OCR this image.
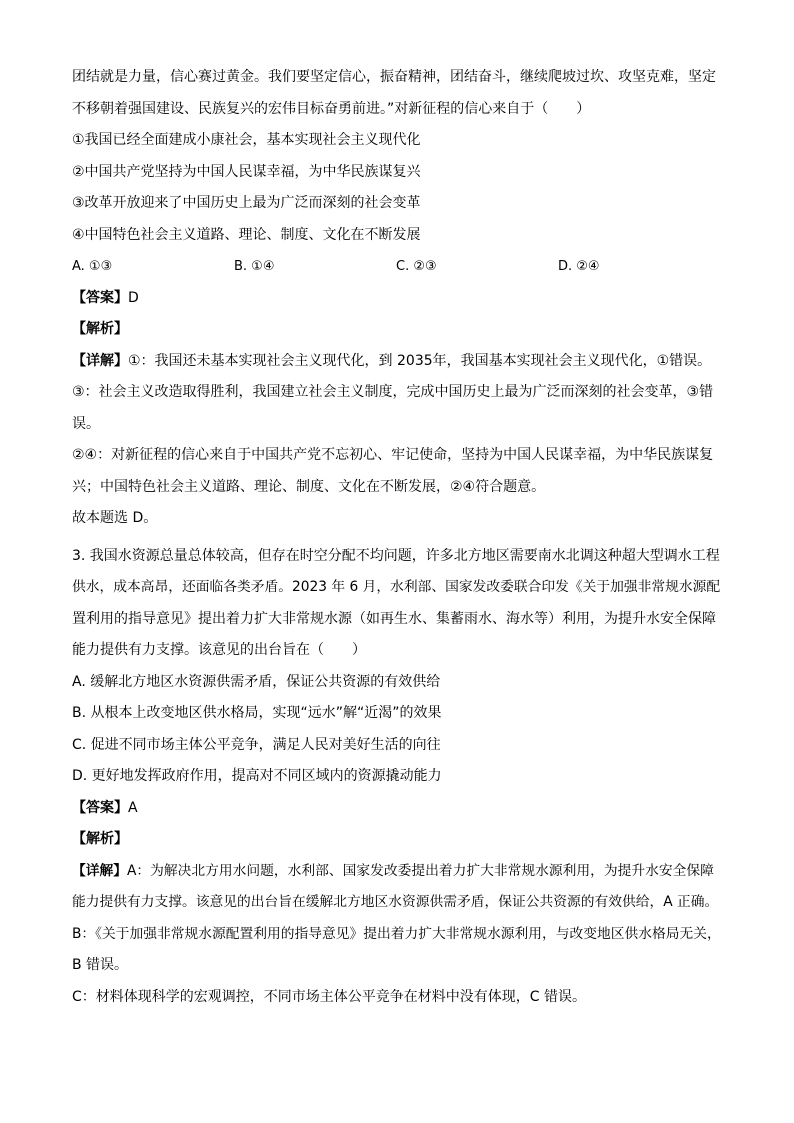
团结就是力量，信心赛过黄金。我们要坚定信心，振奋精神，团结奋斗，继续爬坡过坎、攻坚克难，坚定

不移朝着强国建设、民族复兴的宏伟目标奋勇前进。”对新征程的信心来自于（　　）

①我国已经全面建成小康社会，基本实现社会主义现代化

②中国共产党坚持为中国人民谋幸福，为中华民族谋复兴

③改革开放迎来了中国历史上最为广泛而深刻的社会变革

④中国特色社会主义道路、理论、制度、文化在不断发展

A. ①③	B. ①④	C. ②③	D. ②④

【答案】D

【解析】

【详解】①：我国还未基本实现社会主义现代化，到 2035年，我国基本实现社会主义现代化，①错误。

③：社会主义改造取得胜利，我国建立社会主义制度，完成中国历史上最为广泛而深刻的社会变革，③错

误。

②④：对新征程的信心来自于中国共产党不忘初心、牢记使命，坚持为中国人民谋幸福，为中华民族谋复

兴；中国特色社会主义道路、理论、制度、文化在不断发展，②④符合题意。

故本题选 D。

3. 我国水资源总量总体较高，但存在时空分配不均问题，许多北方地区需要南水北调这种超大型调水工程

供水，成本高昂，还面临各类矛盾。2023 年 6 月，水利部、国家发改委联合印发《关于加强非常规水源配

置利用的指导意见》提出着力扩大非常规水源（如再生水、集蓄雨水、海水等）利用，为提升水安全保障

能力提供有力支撑。该意见的出台旨在（　　）

A. 缓解北方地区水资源供需矛盾，保证公共资源的有效供给

B. 从根本上改变地区供水格局，实现“远水”解“近渴”的效果

C. 促进不同市场主体公平竞争，满足人民对美好生活的向往

D. 更好地发挥政府作用，提高对不同区域内的资源撬动能力

【答案】A

【解析】

【详解】A：为解决北方用水问题，水利部、国家发改委提出着力扩大非常规水源利用，为提升水安全保障

能力提供有力支撑。该意见的出台旨在缓解北方地区水资源供需矛盾，保证公共资源的有效供给，A 正确。

B：《关于加强非常规水源配置利用的指导意见》提出着力扩大非常规水源利用，与改变地区供水格局无关，

B 错误。

C：材料体现科学的宏观调控，不同市场主体公平竞争在材料中没有体现，C 错误。
